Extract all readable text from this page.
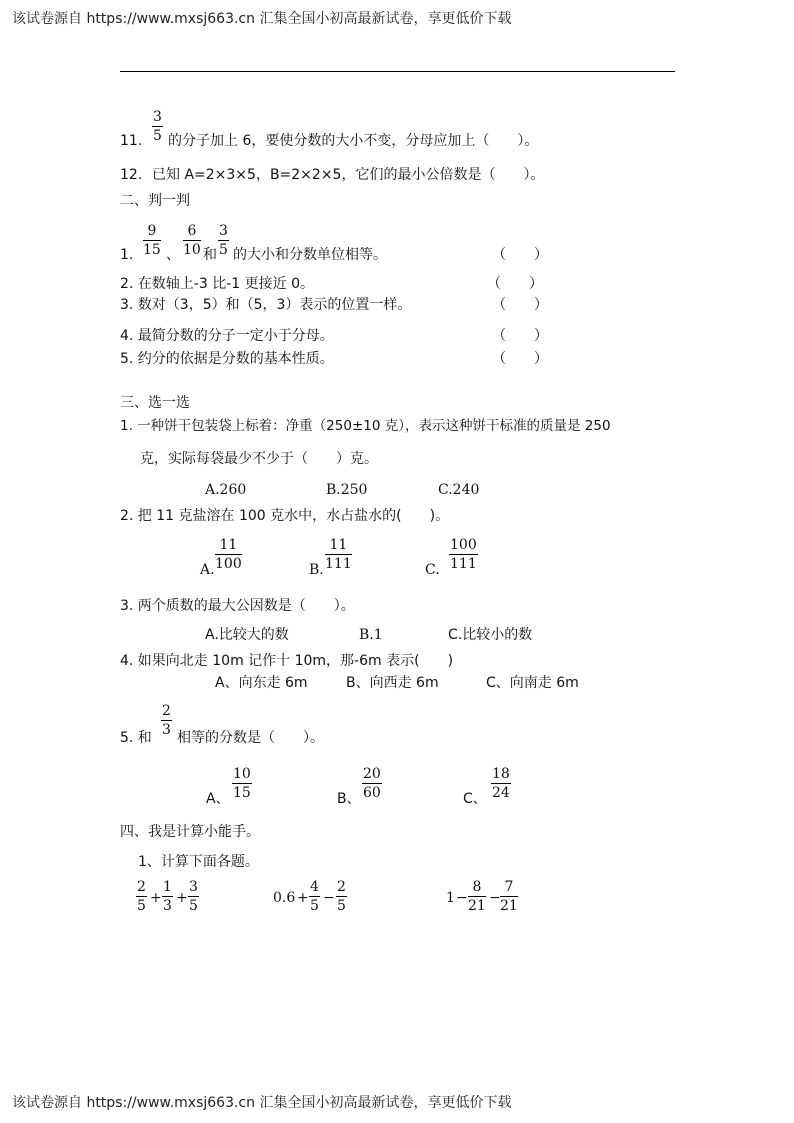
该试卷源自 https://www.mxsj663.cn 汇集全国小初高最新试卷，享更低价下载
11.
3
5 的分子加上 6，要使分数的大小不变，分母应加上（　　）。
12. 已知 A=2×3×5，B=2×2×5，它们的最小公倍数是（　　）。
二、判一判
1.
9
15 、
6
10 和
3
5 的大小和分数单位相等。	（　　）
2. 在数轴上-3 比-1 更接近 0。	（　　）
3. 数对（3，5）和（5，3）表示的位置一样。	（　　）
4. 最简分数的分子一定小于分母。	（　　）
5. 约分的依据是分数的基本性质。	（　　）
三、选一选
1. 一种饼干包装袋上标着：净重（250±10 克），表示这种饼干标准的质量是 250
克，实际每袋最少不少于（　　）克。
A.260	B.250	C.240
2. 把 11 克盐溶在 100 克水中，水占盐水的(　　)。
A.
11
100	B.
11
111	C.
100
111
3. 两个质数的最大公因数是（　　）。
A.比较大的数	B.1	C.比较小的数
4. 如果向北走 10m 记作十 10m，那-6m 表示(　　)
A、向东走 6m	B、向西走 6m	C、向南走 6m
5. 和
2
3 相等的分数是（　　）。
A、
10
15	B、
20
60	C、
18
24
四、我是计算小能手。
1、计算下面各题。
2
5 +
1
3 +
3
5	0.6 +
4
5 −
2
5	1 −
8
21 −
7
21
该试卷源自 https://www.mxsj663.cn 汇集全国小初高最新试卷，享更低价下载
